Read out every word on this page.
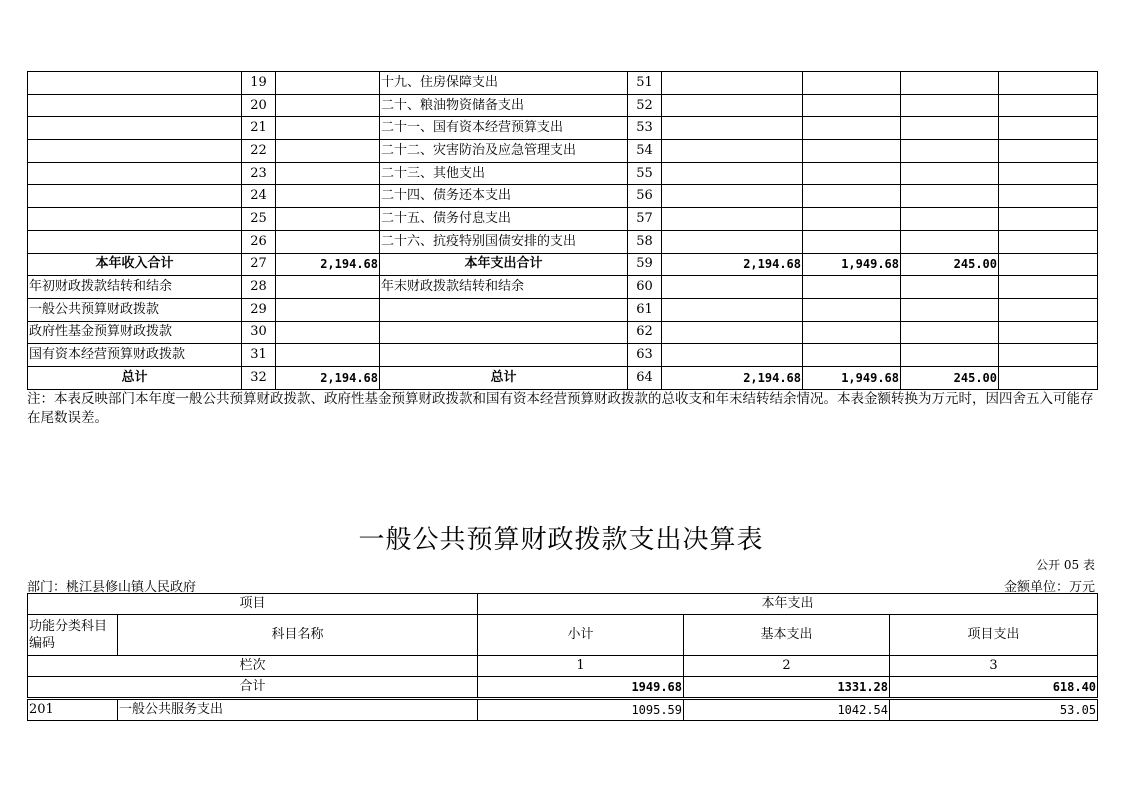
	19		十九、住房保障支出	51				
	20		二十、粮油物资储备支出	52				
	21		二十一、国有资本经营预算支出	53				
	22		二十二、灾害防治及应急管理支出	54				
	23		二十三、其他支出	55				
	24		二十四、债务还本支出	56				
	25		二十五、债务付息支出	57				
	26		二十六、抗疫特别国债安排的支出	58				
本年收入合计	27	2,194.68	本年支出合计	59	2,194.68	1,949.68	245.00	
年初财政拨款结转和结余	28		年末财政拨款结转和结余	60				
一般公共预算财政拨款	29			61				
政府性基金预算财政拨款	30			62				
国有资本经营预算财政拨款	31			63				
总计	32	2,194.68	总计	64	2,194.68	1,949.68	245.00	
注：本表反映部门本年度一般公共预算财政拨款、政府性基金预算财政拨款和国有资本经营预算财政拨款的总收支和年末结转结余情况。本表金额转换为万元时，因四舍五入可能存在尾数误差。
一般公共预算财政拨款支出决算表
公开 05 表
部门：桃江县修山镇人民政府	金额单位：万元
项目		本年支出		
功能分类科目编码	科目名称	小计	基本支出	项目支出
栏次		1	2	3
合计		1949.68	1331.28	618.40
201	一般公共服务支出	1095.59	1042.54	53.05
